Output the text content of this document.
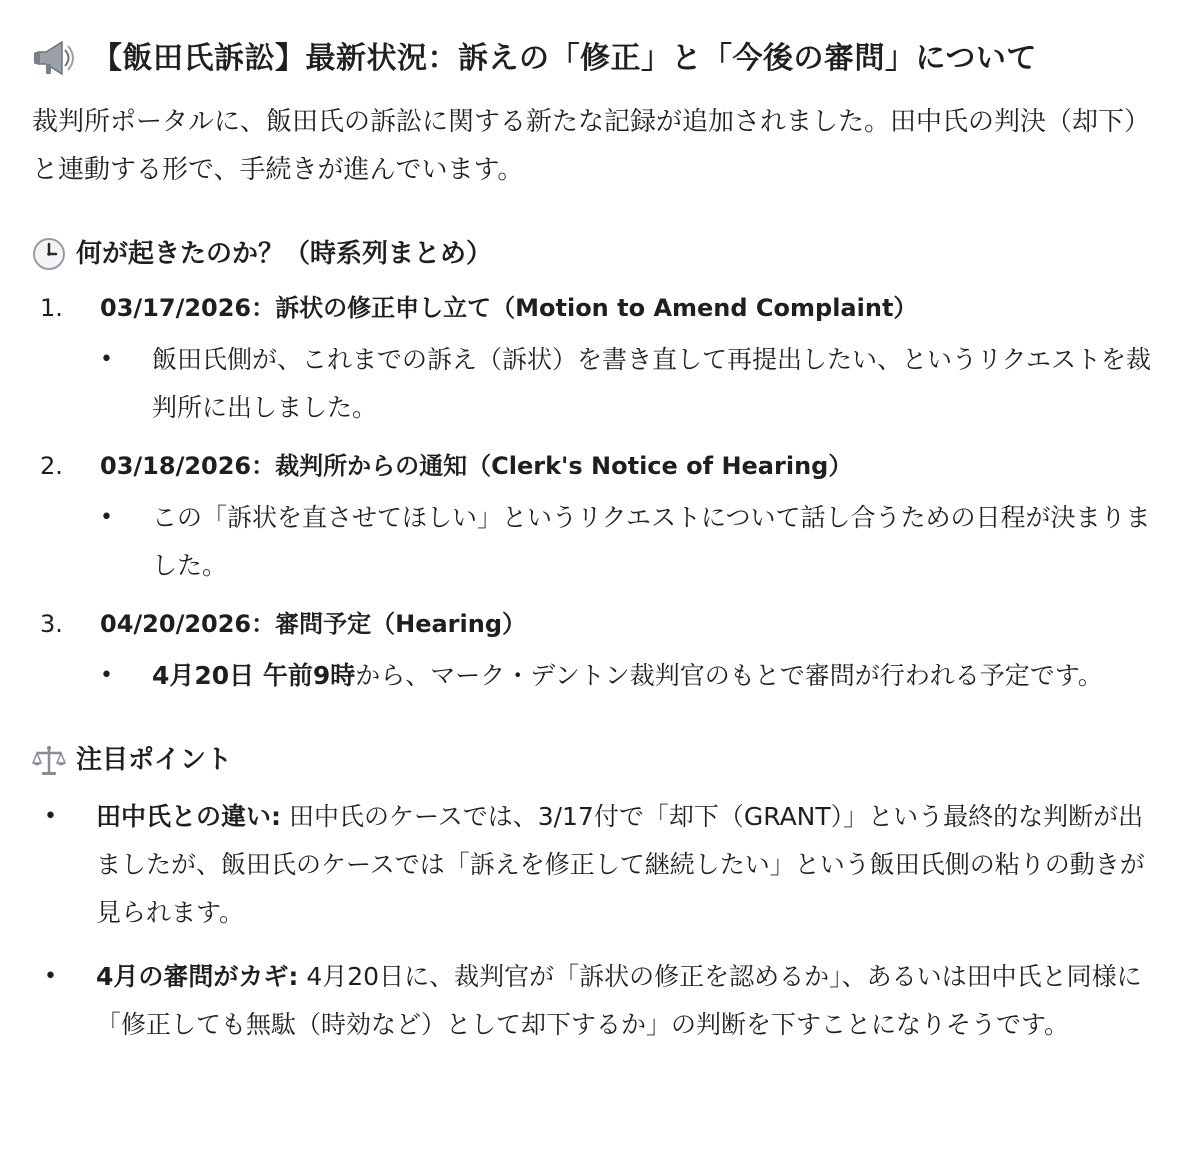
【飯田氏訴訟】最新状況：訴えの「修正」と「今後の審問」について

裁判所ポータルに、飯田氏の訴訟に関する新たな記録が追加されました。田中氏の判決（却下）と連動する形で、手続きが進んでいます。

何が起きたのか？（時系列まとめ）
1.	03/17/2026：訴状の修正申し立て（Motion to Amend Complaint）
•	飯田氏側が、これまでの訴え（訴状）を書き直して再提出したい、というリクエストを裁判所に出しました。
2.	03/18/2026：裁判所からの通知（Clerk's Notice of Hearing）
•	この「訴状を直させてほしい」というリクエストについて話し合うための日程が決まりました。
3.	04/20/2026：審問予定（Hearing）
•	4月20日 午前9時から、マーク・デントン裁判官のもとで審問が行われる予定です。
注目ポイント
•	田中氏との違い: 田中氏のケースでは、3/17付で「却下（GRANT）」という最終的な判断が出ましたが、飯田氏のケースでは「訴えを修正して継続したい」という飯田氏側の粘りの動きが見られます。
•	4月の審問がカギ: 4月20日に、裁判官が「訴状の修正を認めるか」、あるいは田中氏と同様に「修正しても無駄（時効など）として却下するか」の判断を下すことになりそうです。
